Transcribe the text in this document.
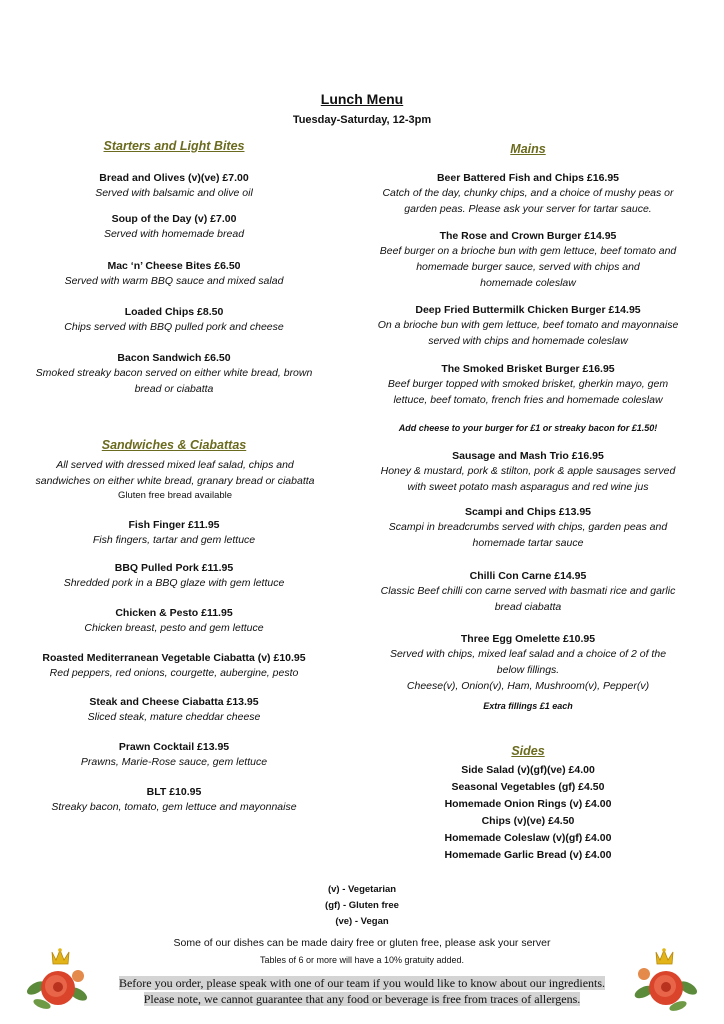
Lunch Menu
Tuesday-Saturday, 12-3pm
Starters and Light Bites
Bread and Olives (v)(ve) £7.00
Served with balsamic and olive oil
Soup of the Day (v) £7.00
Served with homemade bread
Mac ‘n’ Cheese Bites £6.50
Served with warm BBQ sauce and mixed salad
Loaded Chips £8.50
Chips served with BBQ pulled pork and cheese
Bacon Sandwich £6.50
Smoked streaky bacon served on either white bread, brown
bread or ciabatta
Sandwiches & Ciabattas
All served with dressed mixed leaf salad, chips and
sandwiches on either white bread, granary bread or ciabatta
Gluten free bread available
Fish Finger £11.95
Fish fingers, tartar and gem lettuce
BBQ Pulled Pork £11.95
Shredded pork in a BBQ glaze with gem lettuce
Chicken & Pesto £11.95
Chicken breast, pesto and gem lettuce
Roasted Mediterranean Vegetable Ciabatta (v) £10.95
Red peppers, red onions, courgette, aubergine, pesto
Steak and Cheese Ciabatta £13.95
Sliced steak, mature cheddar cheese
Prawn Cocktail £13.95
Prawns, Marie-Rose sauce, gem lettuce
BLT £10.95
Streaky bacon, tomato, gem lettuce and mayonnaise
Mains
Beer Battered Fish and Chips £16.95
Catch of the day, chunky chips, and a choice of mushy peas or
garden peas. Please ask your server for tartar sauce.
The Rose and Crown Burger £14.95
Beef burger on a brioche bun with gem lettuce, beef tomato and
homemade burger sauce, served with chips and
homemade coleslaw
Deep Fried Buttermilk Chicken Burger £14.95
On a brioche bun with gem lettuce, beef tomato and mayonnaise
served with chips and homemade coleslaw
The Smoked Brisket Burger £16.95
Beef burger topped with smoked brisket, gherkin mayo, gem
lettuce, beef tomato, french fries and homemade coleslaw
Add cheese to your burger for £1 or streaky bacon for £1.50!
Sausage and Mash Trio £16.95
Honey & mustard, pork & stilton, pork & apple sausages served
with sweet potato mash asparagus and red wine jus
Scampi and Chips £13.95
Scampi in breadcrumbs served with chips, garden peas and
homemade tartar sauce
Chilli Con Carne £14.95
Classic Beef chilli con carne served with basmati rice and garlic
bread ciabatta
Three Egg Omelette £10.95
Served with chips, mixed leaf salad and a choice of 2 of the
below fillings.
Cheese(v), Onion(v), Ham, Mushroom(v), Pepper(v)
Extra fillings £1 each
Sides
Side Salad (v)(gf)(ve) £4.00
Seasonal Vegetables (gf) £4.50
Homemade Onion Rings (v) £4.00
Chips (v)(ve) £4.50
Homemade Coleslaw (v)(gf) £4.00
Homemade Garlic Bread (v) £4.00
(v) - Vegetarian
(gf) - Gluten free
(ve) - Vegan
Some of our dishes can be made dairy free or gluten free, please ask your server
Tables of 6 or more will have a 10% gratuity added.
Before you order, please speak with one of our team if you would like to know about our ingredients.
Please note, we cannot guarantee that any food or beverage is free from traces of allergens.
